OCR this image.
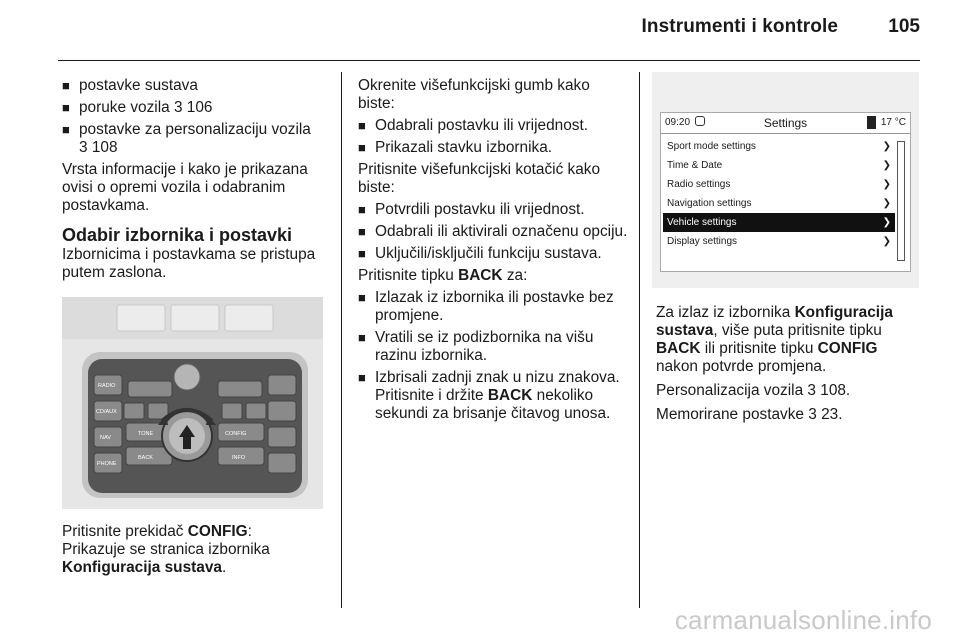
Instrumenti i kontrole	105
■ postavke sustava
■ poruke vozila 3 106
■ postavke za personalizaciju vozila
3 108
Vrsta informacije i kako je prikazana ovisi o opremi vozila i odabranim postavkama.
Odabir izbornika i postavki
Izbornicima i postavkama se pristupa putem zaslona.
RADIO
CD/AUX
NAV
PHONE
TONE	CONFIG
BACK	INFO
Pritisnite prekidač CONFIG:
Prikazuje se stranica izbornika
Konfiguracija sustava.
Okrenite višefunkcijski gumb kako biste:
■ Odabrali postavku ili vrijednost.
■ Prikazali stavku izbornika.
Pritisnite višefunkcijski kotačić kako biste:
■ Potvrdili postavku ili vrijednost.
■ Odabrali ili aktivirali označenu opciju.
■ Uključili/isključili funkciju sustava.
Pritisnite tipku BACK za:
■ Izlazak iz izbornika ili postavke bez promjene.
■ Vratili se iz podizbornika na višu razinu izbornika.
■ Izbrisali zadnji znak u nizu znakova. Pritisnite i držite BACK nekoliko sekundi za brisanje čitavog unosa.
09:20	Settings	17 °C
Sport mode settings	❯
Time & Date	❯
Radio settings	❯
Navigation settings	❯
Vehicle settings	❯
Display settings	❯
Za izlaz iz izbornika Konfiguracija sustava, više puta pritisnite tipku BACK ili pritisnite tipku CONFIG nakon potvrde promjena.
Personalizacija vozila 3 108.
Memorirane postavke 3 23.
carmanualsonline.info
